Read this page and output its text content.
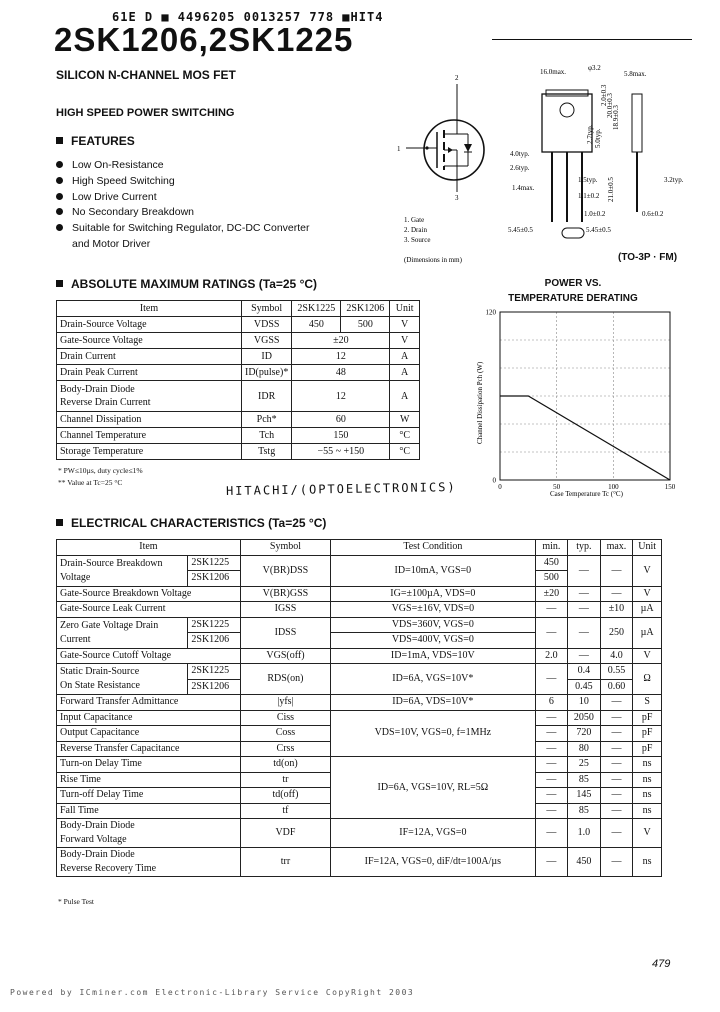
61E D ■ 4496205 0013257 778 ■HIT4
2SK1206,2SK1225
SILICON N-CHANNEL MOS FET
HIGH SPEED POWER SWITCHING
FEATURES
Low On-Resistance
High Speed Switching
Low Drive Current
No Secondary Breakdown
Suitable for Switching Regulator, DC-DC Converter
and Motor Driver
2
1
3
1. Gate
2. Drain
3. Source
(Dimensions in mm)
16.0max.	φ3.2
5.8max.
2.0±0.3
20.0±0.3
18.9±0.3
2.7typ. 5.0typ.
4.0typ.
2.6typ.
1.5typ.
1.4max.
1.1±0.2 21.0±0.5	3.2typ.
1.0±0.2	0.6±0.2
5.45±0.5	5.45±0.5
(TO-3P · FM)
ABSOLUTE MAXIMUM RATINGS (Ta=25 °C)
Item	Symbol	2SK1225	2SK1206	Unit
Drain-Source Voltage	VDSS	450	500	V
Gate-Source Voltage	VGSS	±20		V
Drain Current	ID	12		A
Drain Peak Current	ID(pulse)*	48		A
Body-Drain Diode
Reverse Drain Current	IDR	12		A
Channel Dissipation	Pch*	60		W
Channel Temperature	Tch	150		°C
Storage Temperature	Tstg	−55 ~ +150		°C
* PW≤10µs, duty cycle≤1%
** Value at Tc=25 °C	HITACHI/(OPTOELECTRONICS)
POWER VS.
TEMPERATURE DERATING
0
120
0	50	100	150
Case Temperature Tc (°C)
Channel Dissipation Pch (W)
ELECTRICAL CHARACTERISTICS (Ta=25 °C)
Item		Symbol	Test Condition	min.	typ.	max.	Unit
Drain-Source Breakdown
Voltage	2SK1225	V(BR)DSS	ID=10mA, VGS=0	450	—	—	V
	2SK1206			500			
Gate-Source Breakdown Voltage		V(BR)GSS	IG=±100µA, VDS=0	±20	—	—	V
Gate-Source Leak Current		IGSS	VGS=±16V, VDS=0	—	—	±10	µA
Zero Gate Voltage Drain
Current	2SK1225	IDSS	VDS=360V, VGS=0	—	—	250	µA
	2SK1206		VDS=400V, VGS=0				
Gate-Source Cutoff Voltage		VGS(off)	ID=1mA, VDS=10V	2.0	—	4.0	V
Static Drain-Source
On State Resistance	2SK1225	RDS(on)	ID=6A, VGS=10V*	—	0.4	0.55	Ω
	2SK1206				0.45	0.60	
Forward Transfer Admittance		|yfs|	ID=6A, VDS=10V*	6	10	—	S
Input Capacitance		Ciss	VDS=10V, VGS=0, f=1MHz	—	2050	—	pF
Output Capacitance		Coss		—	720	—	pF
Reverse Transfer Capacitance		Crss		—	80	—	pF
Turn-on Delay Time		td(on)	ID=6A, VGS=10V, RL=5Ω	—	25	—	ns
Rise Time		tr		—	85	—	ns
Turn-off Delay Time		td(off)		—	145	—	ns
Fall Time		tf		—	85	—	ns
Body-Drain Diode
Forward Voltage		VDF	IF=12A, VGS=0	—	1.0	—	V
Body-Drain Diode
Reverse Recovery Time		trr	IF=12A, VGS=0, diF/dt=100A/µs	—	450	—	ns
* Pulse Test
479
Powered by ICminer.com Electronic-Library Service CopyRight 2003
